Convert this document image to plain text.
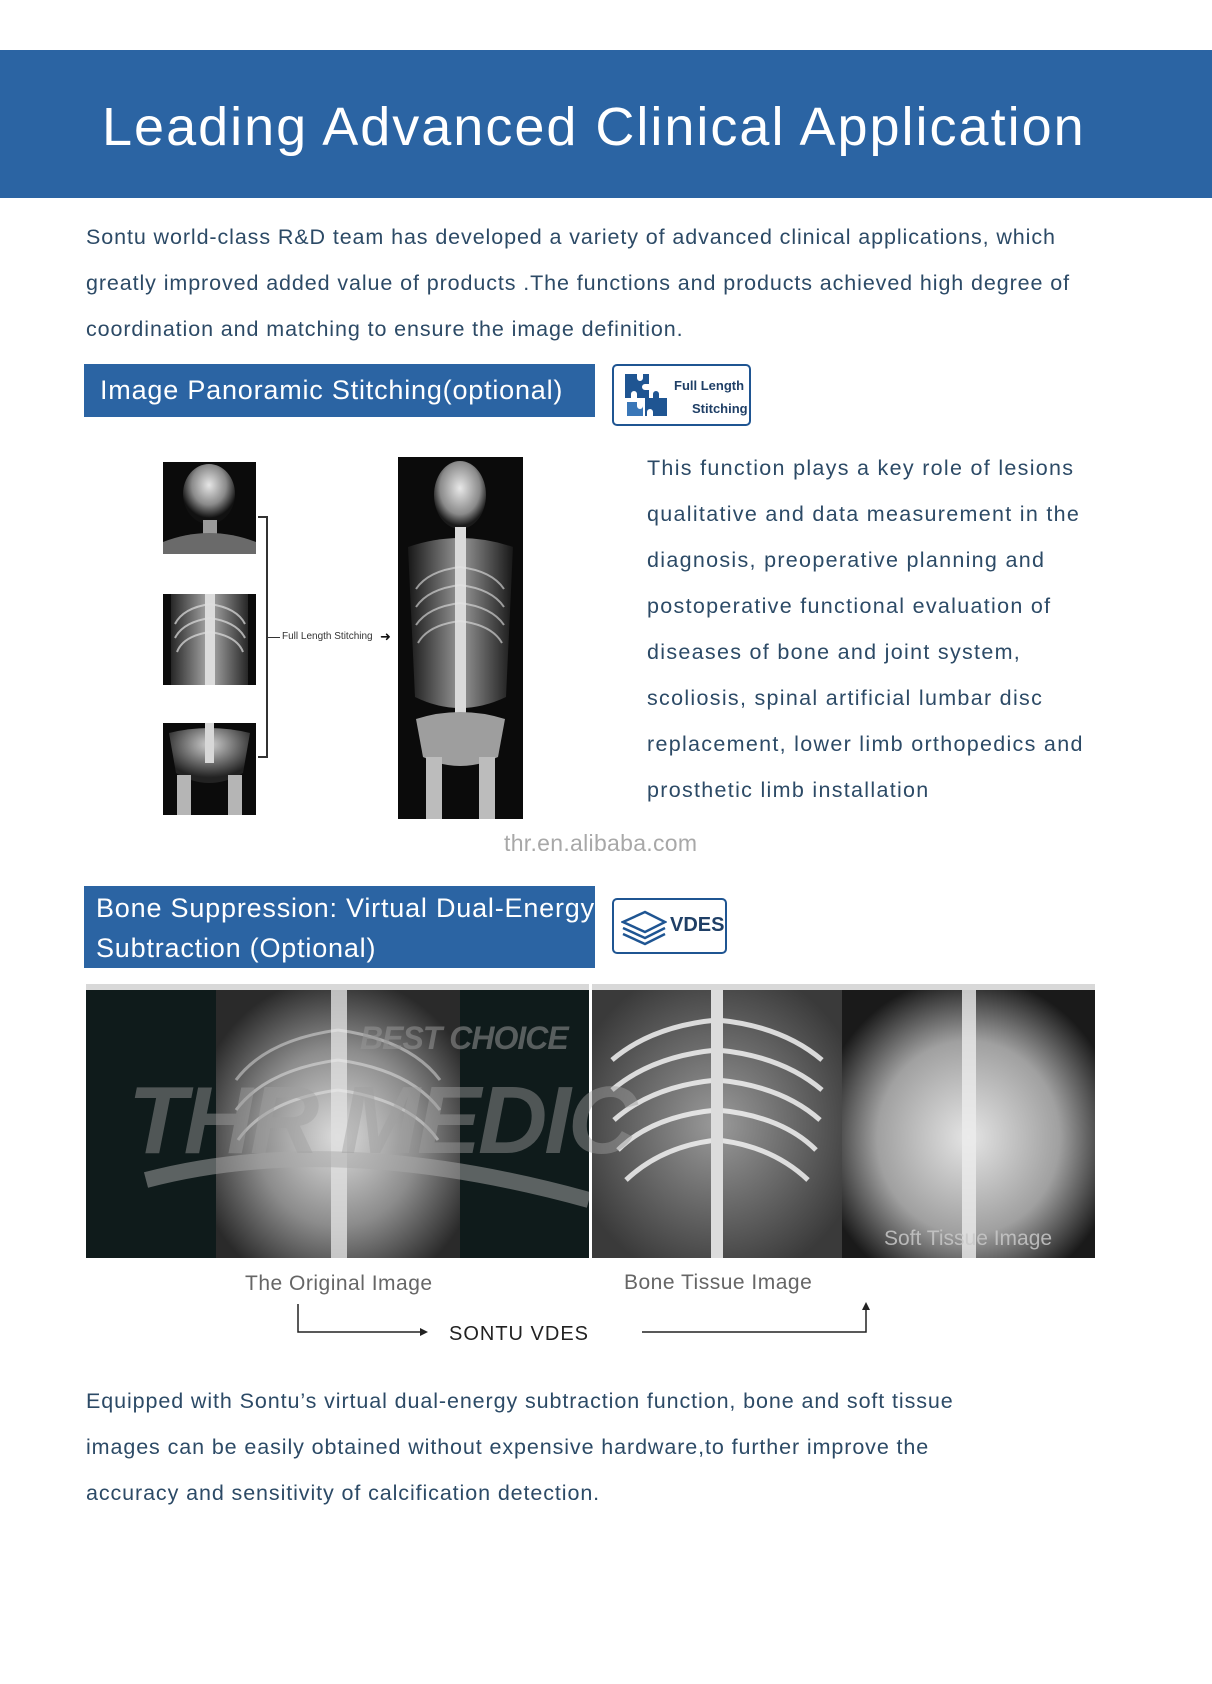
Leading Advanced Clinical Application

Sontu world-class R&D team has developed a variety of advanced clinical applications, which greatly improved added value of products .The functions and products achieved high degree of coordination and matching to ensure the image definition.

Image Panoramic Stitching(optional)	Full Length
Stitching
Full Length Stitching ➜

This function plays a key role of lesions qualitative and data measurement in the diagnosis, preoperative planning and postoperative functional evaluation of diseases of bone and joint system, scoliosis, spinal artificial lumbar disc replacement, lower limb orthopedics and prosthetic limb installation

thr.en.alibaba.com
Bone Suppression: Virtual Dual-Energy Subtraction (Optional)
VDES
BEST CHOICE
THR MEDIC
Soft Tissue Image
The Original Image	Bone Tissue Image
SONTU VDES

Equipped with Sontu’s virtual dual-energy subtraction function, bone and soft tissue images can be easily obtained without expensive hardware,to further improve the accuracy and sensitivity of calcification detection.
